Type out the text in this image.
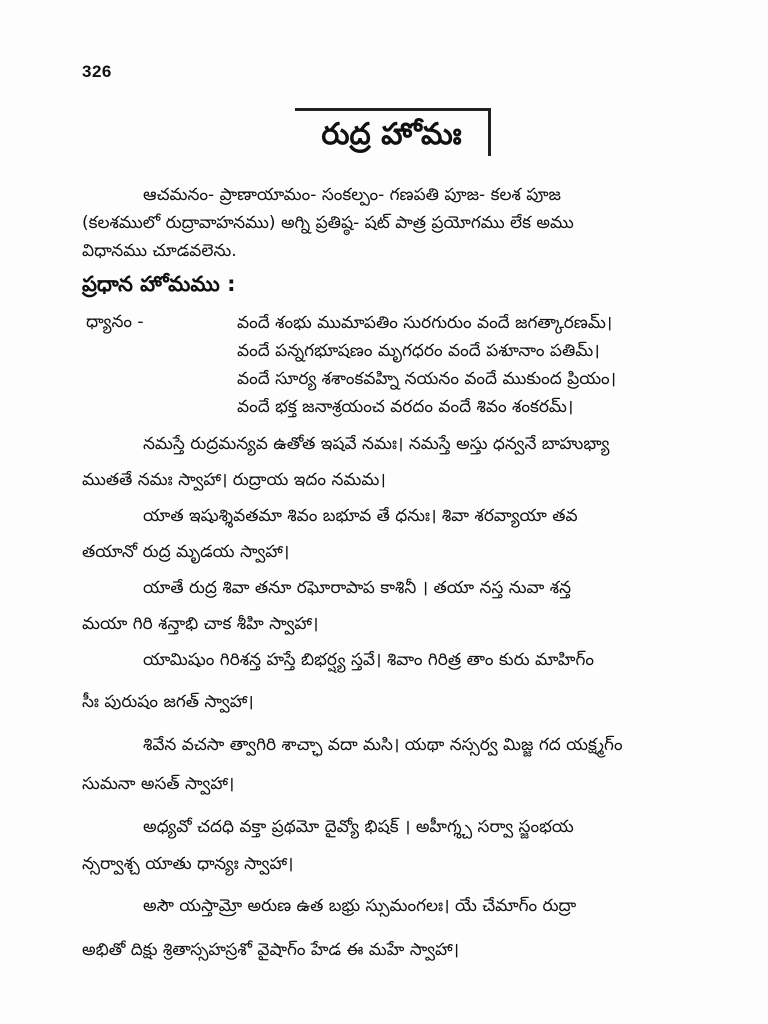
326
రుద్ర హోమః
ఆచమనం- ప్రాణాయామం- సంకల్పం- గణపతి పూజ- కలశ పూజ
(కలశములో రుద్రావాహనము) అగ్ని ప్రతిష్ఠ- షట్ పాత్ర ప్రయోగము లేక అము
విధానము చూడవలెను.
ప్రధాన హోమము :
ధ్యానం -	వందే శంభు ముమాపతిం సురగురుం వందే జగత్కారణమ్।
వందే పన్నగభూషణం మృగధరం వందే పశూనాం పతిమ్।
వందే సూర్య శశాంకవహ్ని నయనం వందే ముకుంద ప్రియం।
వందే భక్త జనాశ్రయంచ వరదం వందే శివం శంకరమ్।
నమస్తే రుద్రమన్యవ ఉతోత ఇషవే నమః। నమస్తే అస్తు ధన్వనే బాహుభ్యా
ముతతే నమః స్వాహా। రుద్రాయ ఇదం నమమ।
యాత ఇషుశ్శివతమా శివం బభూవ తే ధనుః। శివా శరవ్యాయా తవ
తయానో రుద్ర మృడయ స్వాహా।
యాతే రుద్ర శివా తనూ రఘోరాపాప కాశినీ । తయా నస్త నువా శన్త
మయా గిరి శన్తాభి చాక శీహి స్వాహా।
యామిషుం గిరిశన్త హస్తే బిభర్ష్య స్తవే। శివాం గిరిత్ర తాం కురు మాహిగ్ం
సీః పురుషం జగత్ స్వాహా।
శివేన వచసా త్వాగిరి శాచ్ఛా వదా మసి। యథా నస్సర్వ మిజ్జ గద యక్ష్మగ్ం
సుమనా అసత్ స్వాహా।
అధ్యవో చదధి వక్తా ప్రథమో దైవ్యో భిషక్ । అహీగ్శ్చ సర్వా స్జంభయ
న్సర్వాశ్చ యాతు ధాన్యః స్వాహా।
అసౌ యస్తామ్రో అరుణ ఉత బభ్రు స్సుమంగలః। యే చేమాగ్ం రుద్రా
అభితో దిక్షు శ్రితాస్సహస్రశో వైషాగ్ం హేడ ఈ మహే స్వాహా।
